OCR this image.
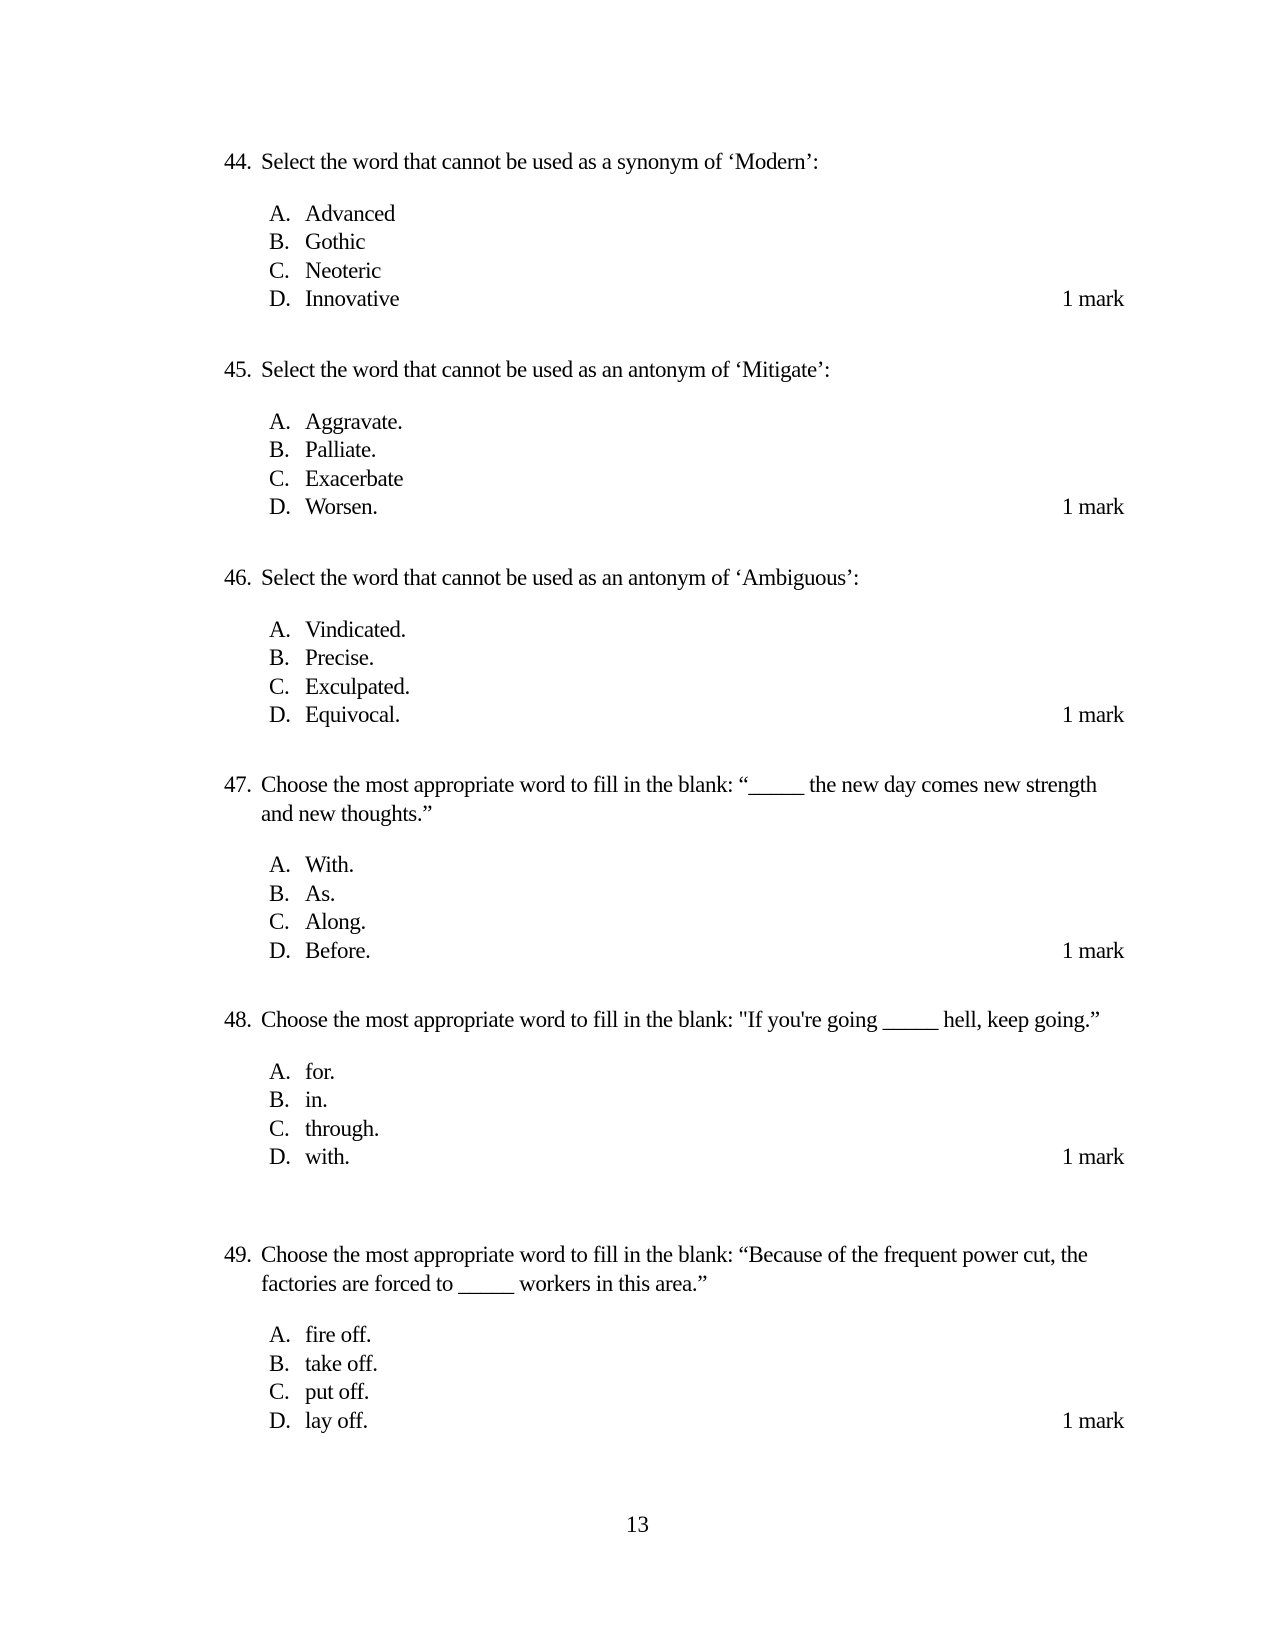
44. Select the word that cannot be used as a synonym of ‘Modern’:

A. Advanced
B. Gothic
C. Neoteric
D. Innovative	1 mark

45. Select the word that cannot be used as an antonym of ‘Mitigate’:

A. Aggravate.
B. Palliate.
C. Exacerbate
D. Worsen.	1 mark

46. Select the word that cannot be used as an antonym of ‘Ambiguous’:

A. Vindicated.
B. Precise.
C. Exculpated.
D. Equivocal.	1 mark

47. Choose the most appropriate word to fill in the blank: “_____ the new day comes new strength and new thoughts.”

A. With.
B. As.
C. Along.
D. Before.	1 mark

48. Choose the most appropriate word to fill in the blank: "If you're going _____ hell, keep going.”

A. for.
B. in.
C. through.
D. with.	1 mark

49. Choose the most appropriate word to fill in the blank: “Because of the frequent power cut, the factories are forced to _____ workers in this area.”

A. fire off.
B. take off.
C. put off.
D. lay off.	1 mark
13
